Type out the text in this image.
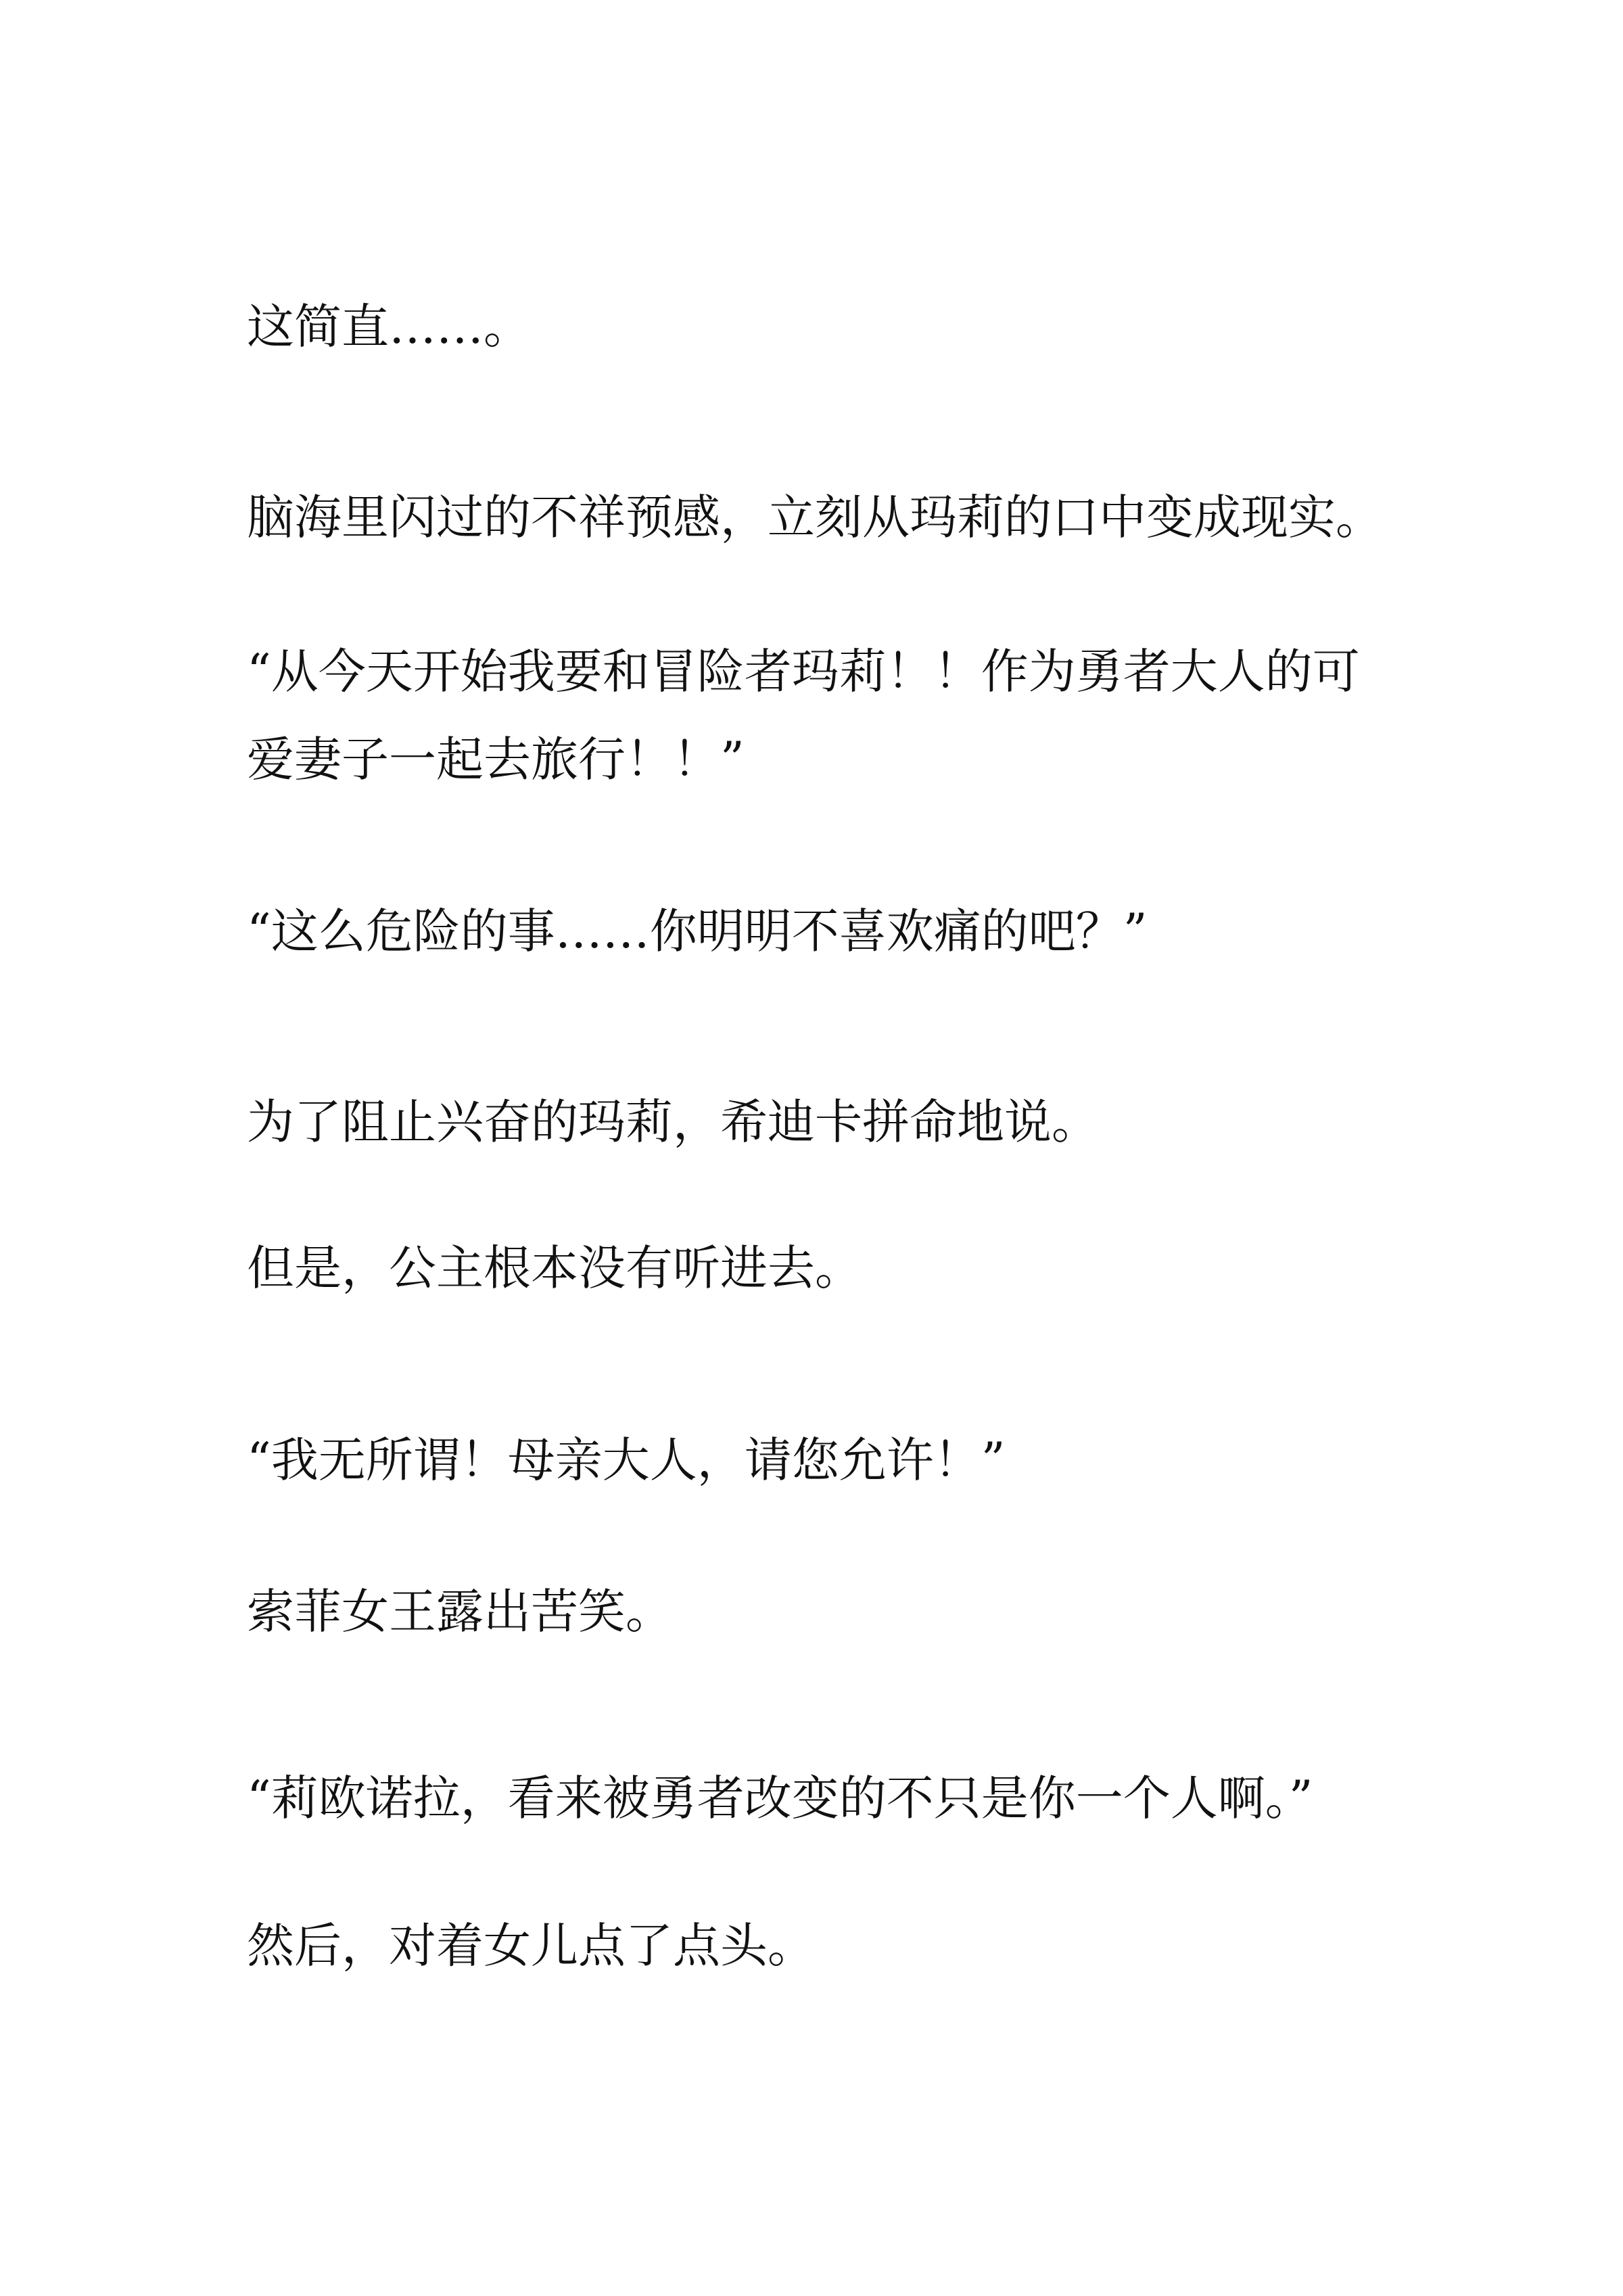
这简直……。

脑海里闪过的不祥预感，立刻从玛莉的口中变成现实。

“从今天开始我要和冒险者玛莉！！作为勇者大人的可爱妻子一起去旅行！！”

“这么危险的事……你明明不喜欢痛的吧？”

为了阻止兴奋的玛莉，希迪卡拼命地说。

但是，公主根本没有听进去。

“我无所谓！母亲大人，请您允许！”

索菲女王露出苦笑。

“莉欧诺拉，看来被勇者改变的不只是你一个人啊。”

然后，对着女儿点了点头。
